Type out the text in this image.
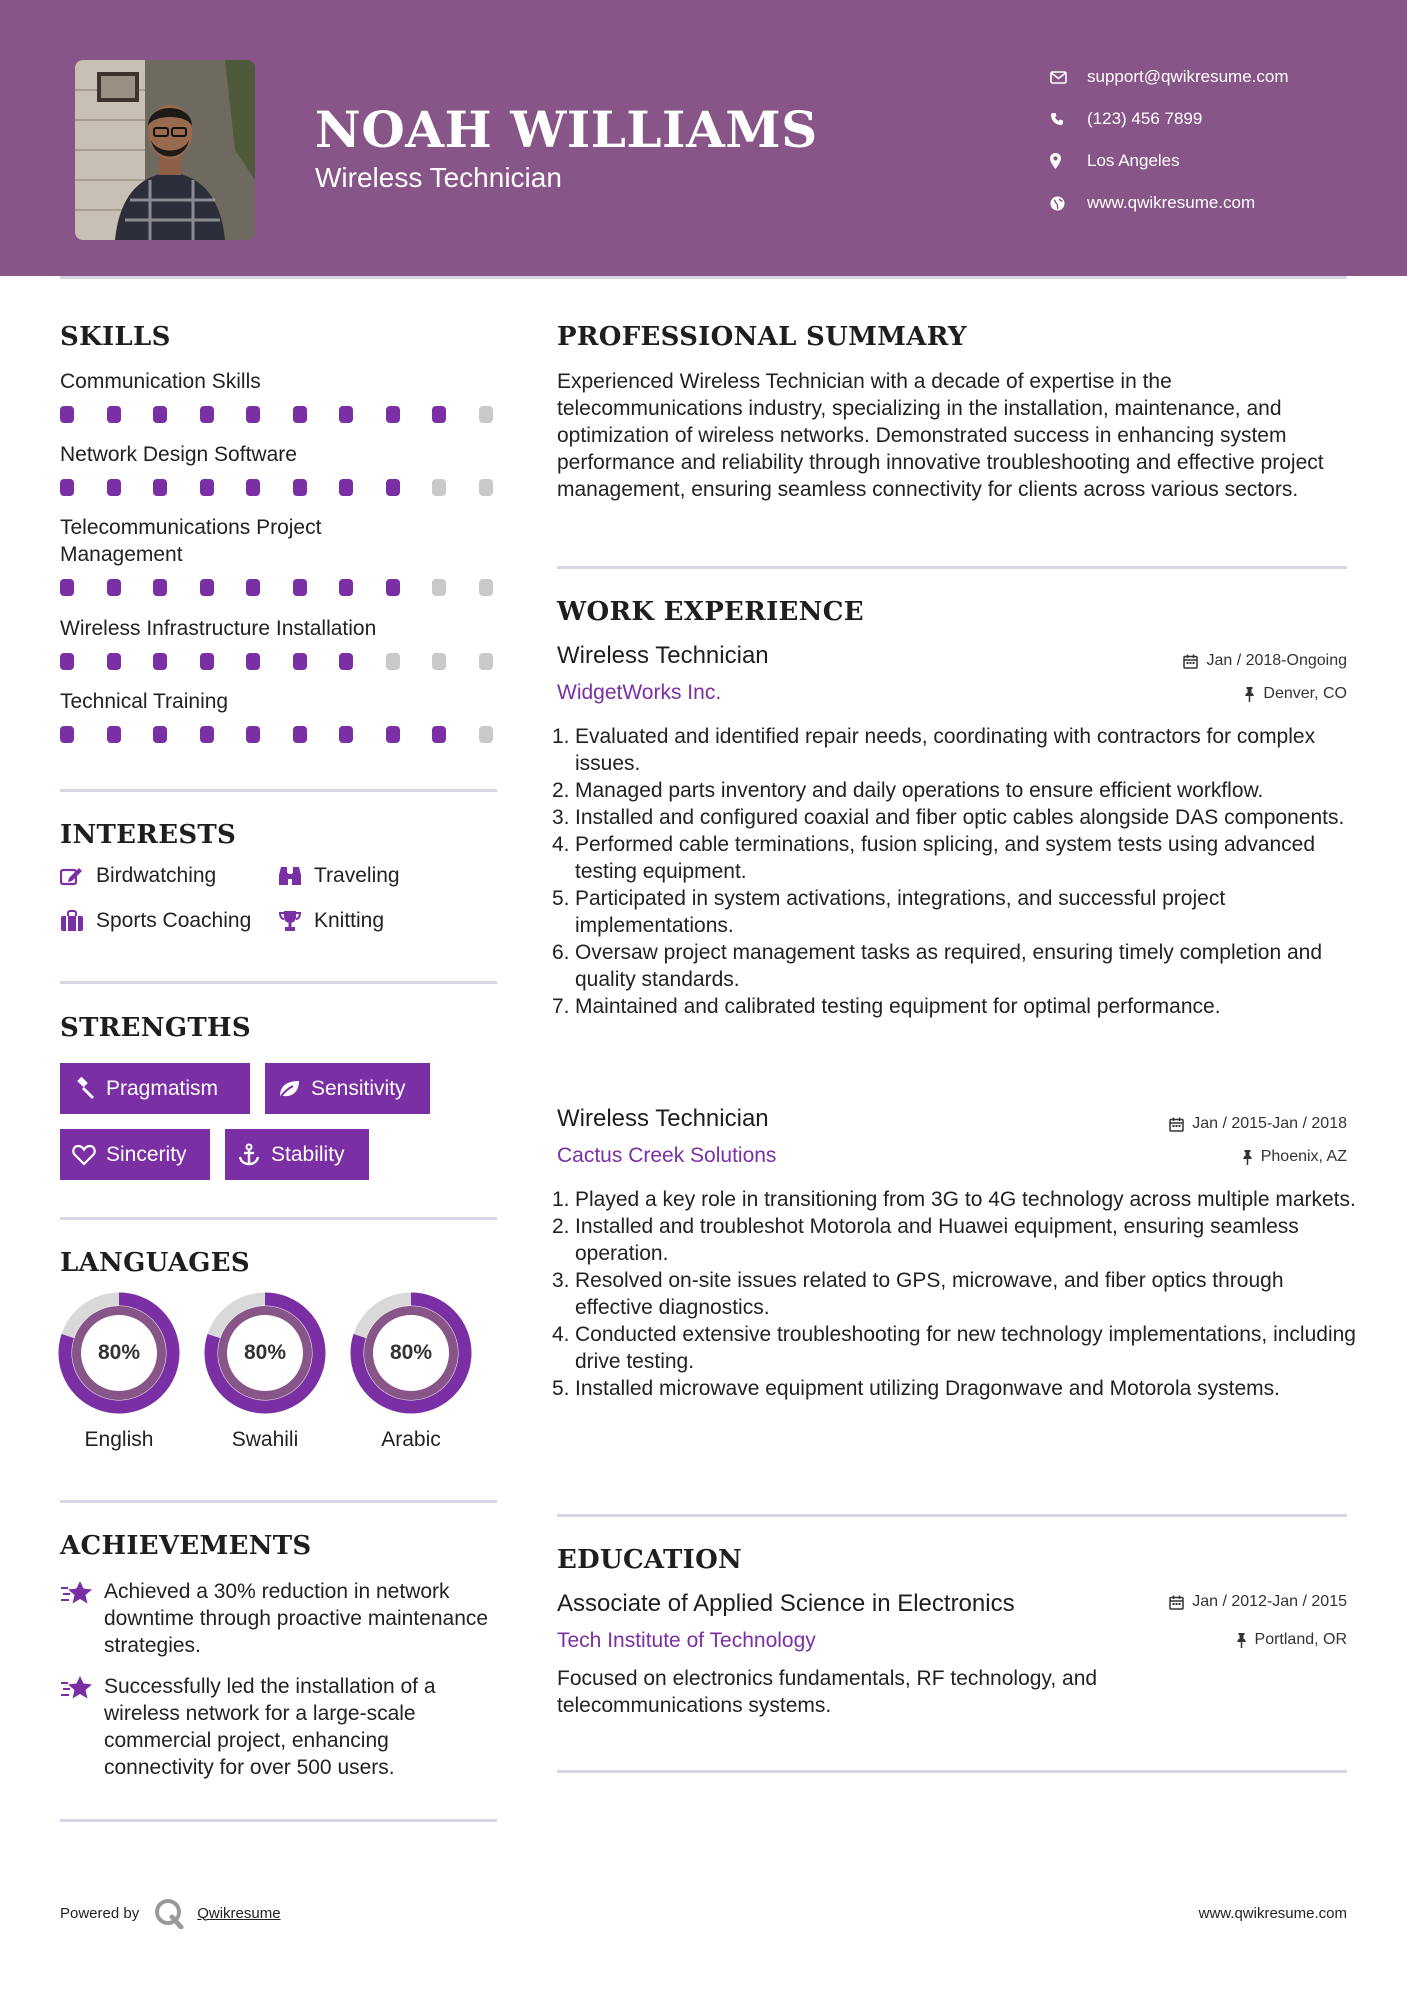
NOAH WILLIAMS
Wireless Technician
support@qwikresume.com
(123) 456 7899
Los Angeles
www.qwikresume.com
SKILLS
Communication Skills
Network Design Software
Telecommunications Project Management
Wireless Infrastructure Installation
Technical Training
INTERESTS
Birdwatching	Traveling
Sports Coaching	Knitting
STRENGTHS
Pragmatism	Sensitivity
Sincerity	Stability
LANGUAGES
80%
English
80%
Swahili
80%
Arabic
ACHIEVEMENTS
Achieved a 30% reduction in network downtime through proactive maintenance strategies.
Successfully led the installation of a wireless network for a large-scale commercial project, enhancing connectivity for over 500 users.
PROFESSIONAL SUMMARY
Experienced Wireless Technician with a decade of expertise in the telecommunications industry, specializing in the installation, maintenance, and optimization of wireless networks. Demonstrated success in enhancing system performance and reliability through innovative troubleshooting and effective project management, ensuring seamless connectivity for clients across various sectors.
WORK EXPERIENCE
Wireless Technician	Jan / 2018-Ongoing
WidgetWorks Inc.	Denver, CO
1. Evaluated and identified repair needs, coordinating with contractors for complex issues.
2. Managed parts inventory and daily operations to ensure efficient workflow.
3. Installed and configured coaxial and fiber optic cables alongside DAS components.
4. Performed cable terminations, fusion splicing, and system tests using advanced testing equipment.
5. Participated in system activations, integrations, and successful project implementations.
6. Oversaw project management tasks as required, ensuring timely completion and quality standards.
7. Maintained and calibrated testing equipment for optimal performance.
Wireless Technician	Jan / 2015-Jan / 2018
Cactus Creek Solutions	Phoenix, AZ
1. Played a key role in transitioning from 3G to 4G technology across multiple markets.
2. Installed and troubleshot Motorola and Huawei equipment, ensuring seamless operation.
3. Resolved on-site issues related to GPS, microwave, and fiber optics through effective diagnostics.
4. Conducted extensive troubleshooting for new technology implementations, including drive testing.
5. Installed microwave equipment utilizing Dragonwave and Motorola systems.
EDUCATION
Associate of Applied Science in Electronics	Jan / 2012-Jan / 2015
Tech Institute of Technology	Portland, OR
Focused on electronics fundamentals, RF technology, and telecommunications systems.
Powered by	Qwikresume	www.qwikresume.com
